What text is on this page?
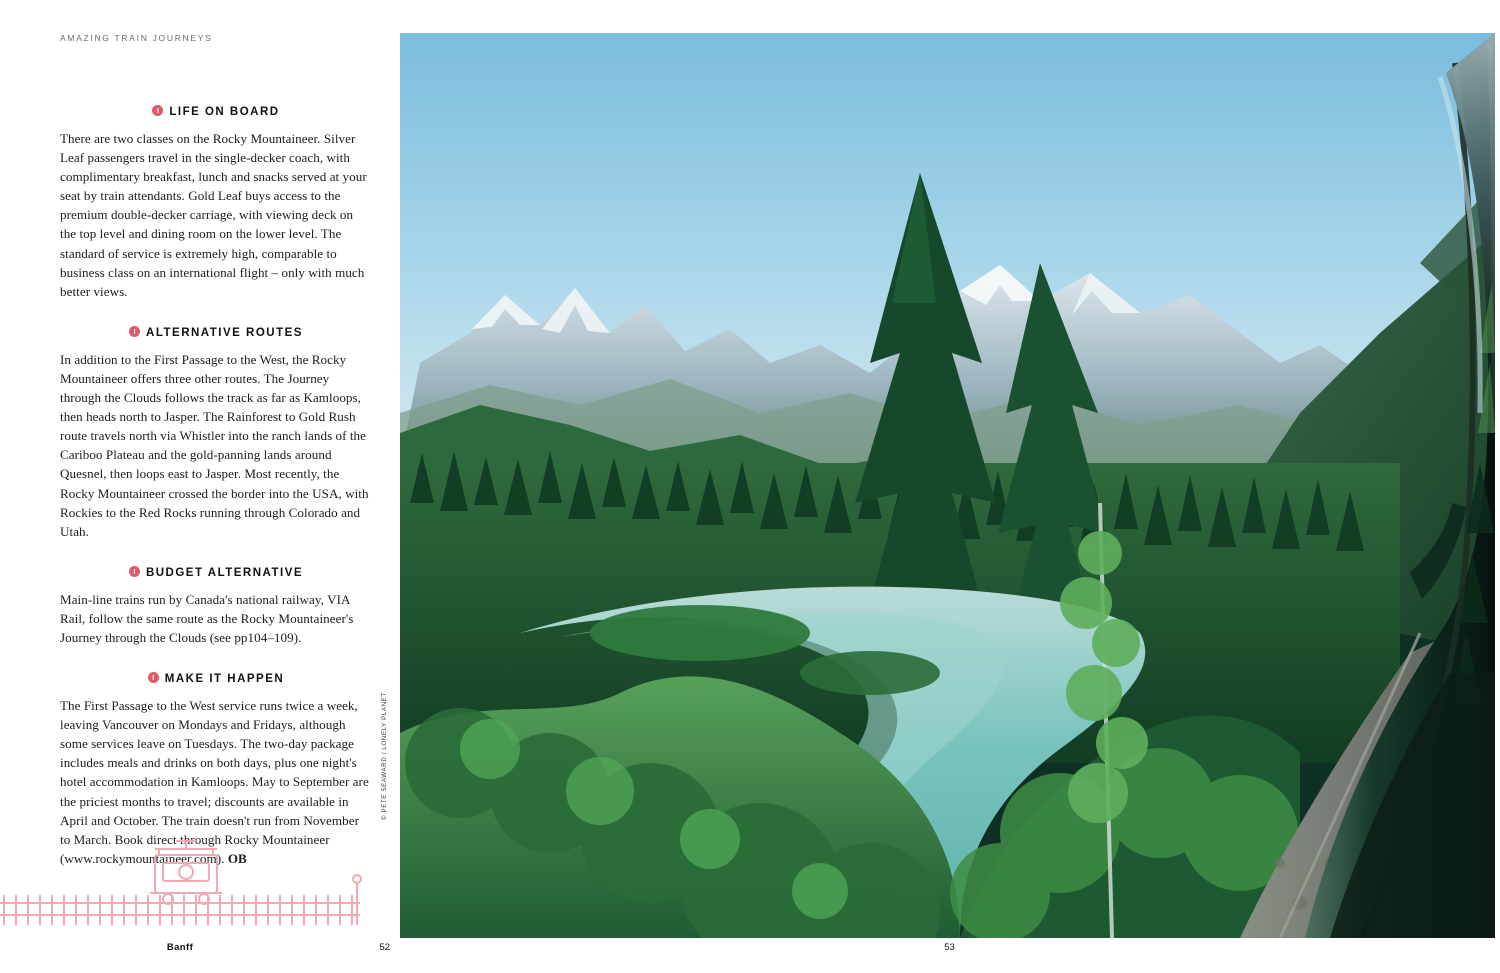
AMAZING TRAIN JOURNEYS
I LIFE ON BOARD

There are two classes on the Rocky Mountaineer. Silver Leaf passengers travel in the single-decker coach, with complimentary breakfast, lunch and snacks served at your seat by train attendants. Gold Leaf buys access to the premium double-decker carriage, with viewing deck on the top level and dining room on the lower level. The standard of service is extremely high, comparable to business class on an international flight – only with much better views.

I ALTERNATIVE ROUTES

In addition to the First Passage to the West, the Rocky Mountaineer offers three other routes. The Journey through the Clouds follows the track as far as Kamloops, then heads north to Jasper. The Rainforest to Gold Rush route travels north via Whistler into the ranch lands of the Cariboo Plateau and the gold-panning lands around Quesnel, then loops east to Jasper. Most recently, the Rocky Mountaineer crossed the border into the USA, with Rockies to the Red Rocks running through Colorado and Utah.

I BUDGET ALTERNATIVE

Main-line trains run by Canada's national railway, VIA Rail, follow the same route as the Rocky Mountaineer's Journey through the Clouds (see pp104–109).

I MAKE IT HAPPEN

The First Passage to the West service runs twice a week, leaving Vancouver on Mondays and Fridays, although some services leave on Tuesdays. The two-day package includes meals and drinks on both days, plus one night's hotel accommodation in Kamloops. May to September are the priciest months to travel; discounts are available in April and October. The train doesn't run from November to March. Book direct through Rocky Mountaineer (www.rockymountaineer.com). OB

© PETE SEAWARD / LONELY PLANET
Banff	52	53
